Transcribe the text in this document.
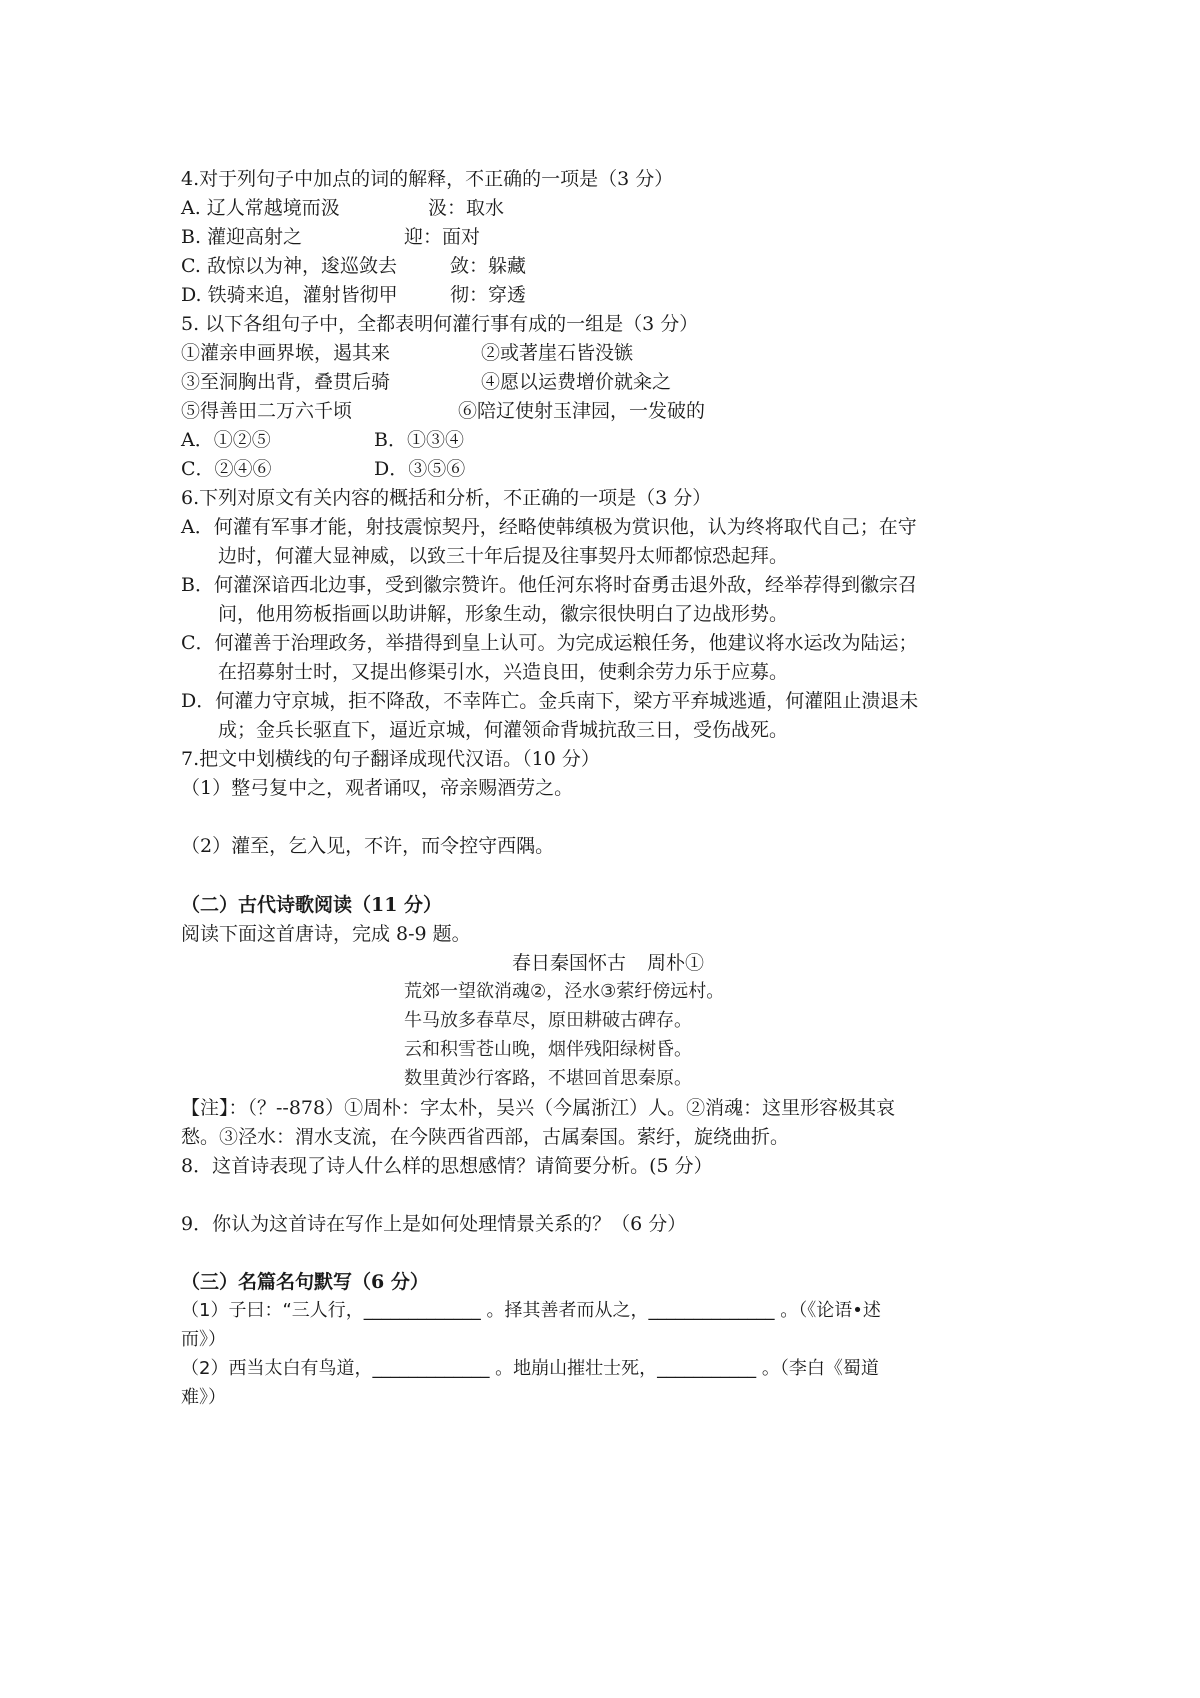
4.对于列句子中加点的词的解释，不正确的一项是（3 分）
A. 辽人常越境而汲	汲：取水
B. 灌迎高射之	迎：面对
C. 敌惊以为神，逡巡敛去	敛：躲藏
D. 铁骑来追，灌射皆彻甲	彻：穿透
5. 以下各组句子中，全都表明何灌行事有成的一组是（3 分）
①灌亲申画界堠，遏其来	②或著崖石皆没镞
③至洞胸出背，叠贯后骑	④愿以运费增价就籴之
⑤得善田二万六千顷	⑥陪辽使射玉津园，一发破的
A．①②⑤	B．①③④
C．②④⑥	D．③⑤⑥
6.下列对原文有关内容的概括和分析，不正确的一项是（3 分）
A．何灌有军事才能，射技震惊契丹，经略使韩缜极为赏识他，认为终将取代自己；在守
边时，何灌大显神威，以致三十年后提及往事契丹太师都惊恐起拜。
B．何灌深谙西北边事，受到徽宗赞许。他任河东将时奋勇击退外敌，经举荐得到徽宗召
问，他用笏板指画以助讲解，形象生动，徽宗很快明白了边战形势。
C．何灌善于治理政务，举措得到皇上认可。为完成运粮任务，他建议将水运改为陆运；
在招募射士时，又提出修渠引水，兴造良田，使剩余劳力乐于应募。
D．何灌力守京城，拒不降敌，不幸阵亡。金兵南下，梁方平弃城逃遁，何灌阻止溃退未
成；金兵长驱直下，逼近京城，何灌领命背城抗敌三日，受伤战死。
7.把文中划横线的句子翻译成现代汉语。（10 分）
（1）整弓复中之，观者诵叹，帝亲赐酒劳之。
（2）灌至，乞入见，不许，而令控守西隅。
（二）古代诗歌阅读（11 分）
阅读下面这首唐诗，完成 8-9 题。
春日秦国怀古 周朴①
荒郊一望欲消魂②，泾水③萦纡傍远村。
牛马放多春草尽，原田耕破古碑存。
云和积雪苍山晚，烟伴残阳绿树昏。
数里黄沙行客路，不堪回首思秦原。
【注】：（？--878）①周朴：字太朴，吴兴（今属浙江）人。②消魂：这里形容极其哀
愁。③泾水：渭水支流，在今陕西省西部，古属秦国。萦纡，旋绕曲折。
8．这首诗表现了诗人什么样的思想感情？请简要分析。(5 分）
9．你认为这首诗在写作上是如何处理情景关系的？（6 分）
（三）名篇名句默写（6 分）
（1）子曰：“三人行，_____________ 。择其善者而从之，______________ 。（《论语•述
而》）
（2）西当太白有鸟道，_____________ 。地崩山摧壮士死，___________ 。（李白《蜀道
难》）
